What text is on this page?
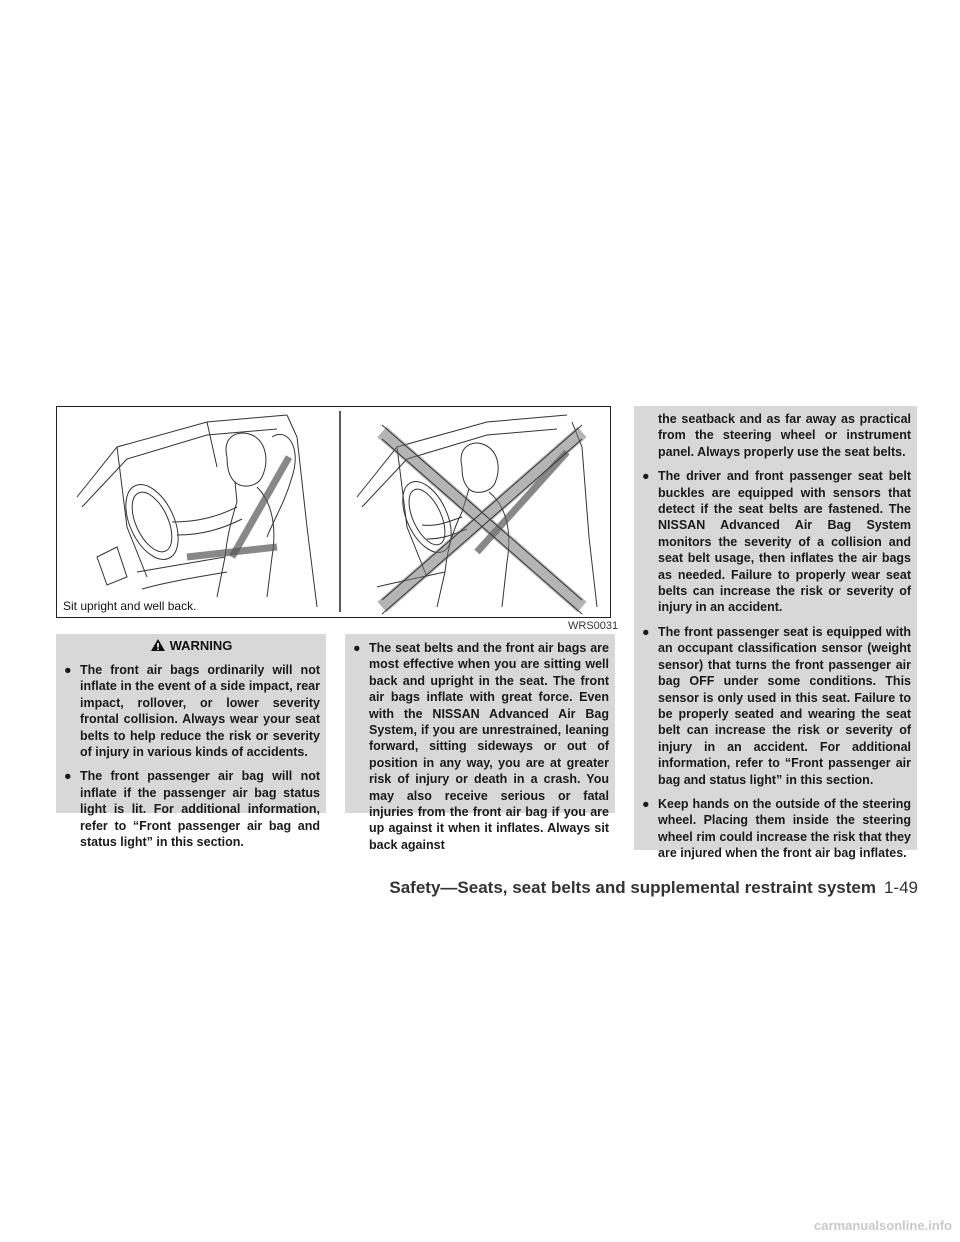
Sit upright and well back.
WRS0031
WARNING
● The front air bags ordinarily will not inflate in the event of a side impact, rear impact, rollover, or lower severity frontal collision. Always wear your seat belts to help reduce the risk or severity of injury in various kinds of accidents.
● The front passenger air bag will not inflate if the passenger air bag status light is lit. For additional information, refer to “Front passenger air bag and status light” in this section.
● The seat belts and the front air bags are most effective when you are sitting well back and upright in the seat. The front air bags inflate with great force. Even with the NISSAN Advanced Air Bag System, if you are unrestrained, leaning forward, sitting sideways or out of position in any way, you are at greater risk of injury or death in a crash. You may also receive serious or fatal injuries from the front air bag if you are up against it when it inflates. Always sit back against
the seatback and as far away as practical from the steering wheel or instrument panel. Always properly use the seat belts.
● The driver and front passenger seat belt buckles are equipped with sensors that detect if the seat belts are fastened. The NISSAN Advanced Air Bag System monitors the severity of a collision and seat belt usage, then inflates the air bags as needed. Failure to properly wear seat belts can increase the risk or severity of injury in an accident.
● The front passenger seat is equipped with an occupant classification sensor (weight sensor) that turns the front passenger air bag OFF under some conditions. This sensor is only used in this seat. Failure to be properly seated and wearing the seat belt can increase the risk or severity of injury in an accident. For additional information, refer to “Front passenger air bag and status light” in this section.
● Keep hands on the outside of the steering wheel. Placing them inside the steering wheel rim could increase the risk that they are injured when the front air bag inflates.
Safety—Seats, seat belts and supplemental restraint system 1-49
carmanualsonline.info
